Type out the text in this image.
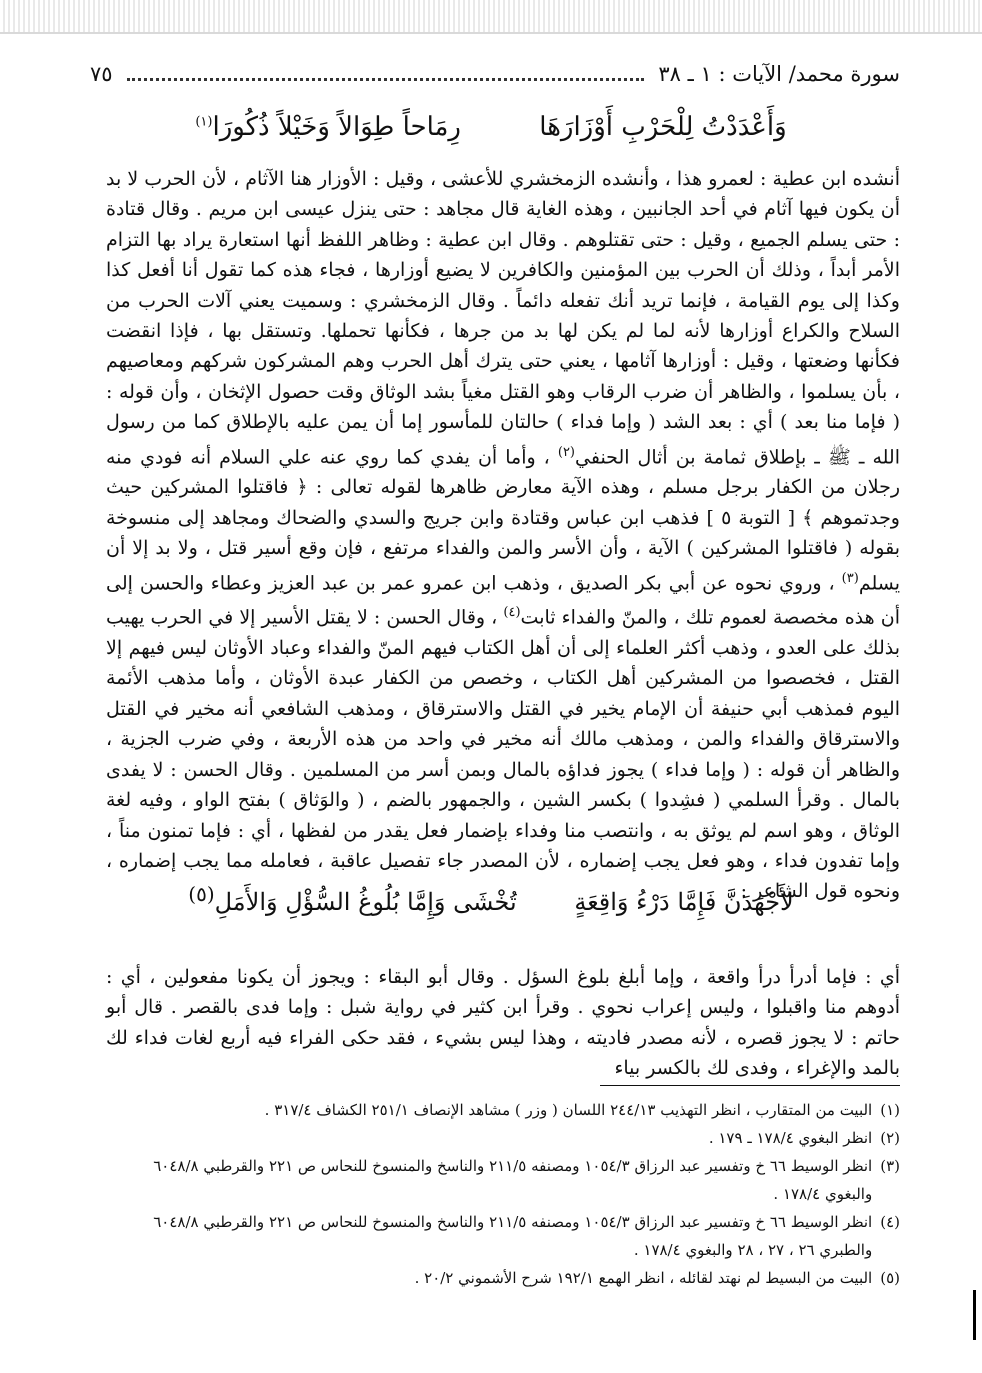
سورة محمد/ الآيات : ١ ـ ٣٨
٧٥
وَأَعْدَدْتُ لِلْحَرْبِ أَوْزَارَهَا رِمَاحاً طِوَالاً وَخَيْلاً ذُكُورَا$^{(١)}$

أنشده ابن عطية : لعمرو هذا ، وأنشده الزمخشري للأعشى ، وقيل : الأوزار هنا الآثام ، لأن الحرب لا بد أن يكون فيها آثام في أحد الجانبين ، وهذه الغاية قال مجاهد : حتى ينزل عيسى ابن مريم . وقال قتادة : حتى يسلم الجميع ، وقيل : حتى تقتلوهم . وقال ابن عطية : وظاهر اللفظ أنها استعارة يراد بها التزام الأمر أبداً ، وذلك أن الحرب بين المؤمنين والكافرين لا يضيع أوزارها ، فجاء هذه كما تقول أنا أفعل كذا وكذا إلى يوم القيامة ، فإنما تريد أنك تفعله دائماً . وقال الزمخشري : وسميت يعني آلات الحرب من السلاح والكراع أوزارها لأنه لما لم يكن لها بد من جرها ، فكأنها تحملها. وتستقل بها ، فإذا انقضت فكأنها وضعتها ، وقيل : أوزارها آثامها ، يعني حتى يترك أهل الحرب وهم المشركون شركهم ومعاصيهم ، بأن يسلموا ، والظاهر أن ضرب الرقاب وهو القتل مغياً بشد الوثاق وقت حصول الإثخان ، وأن قوله : ( فإما منا بعد ) أي : بعد الشد ( وإما فداء ) حالتان للمأسور إما أن يمن عليه بالإطلاق كما من رسول الله ـ ﷺ ـ بإطلاق ثمامة بن أثال الحنفي$^{(٢)}$ ، وأما أن يفدي كما روي عنه علي السلام أنه فودي منه رجلان من الكفار برجل مسلم ، وهذه الآية معارض ظاهرها لقوله تعالى : ﴿ فاقتلوا المشركين حيث وجدتموهم ﴾ [ التوبة ٥ ] فذهب ابن عباس وقتادة وابن جريج والسدي والضحاك ومجاهد إلى منسوخة بقوله ( فاقتلوا المشركين ) الآية ، وأن الأسر والمن والفداء مرتفع ، فإن وقع أسير قتل ، ولا بد إلا أن يسلم$^{(٣)}$ ، وروي نحوه عن أبي بكر الصديق ، وذهب ابن عمرو عمر بن عبد العزيز وعطاء والحسن إلى أن هذه مخصصة لعموم تلك ، والمنّ والفداء ثابت$^{(٤)}$ ، وقال الحسن : لا يقتل الأسير إلا في الحرب يهيب بذلك على العدو ، وذهب أكثر العلماء إلى أن أهل الكتاب فيهم المنّ والفداء وعباد الأوثان ليس فيهم إلا القتل ، فخصصوا من المشركين أهل الكتاب ، وخصص من الكفار عبدة الأوثان ، وأما مذهب الأئمة اليوم فمذهب أبي حنيفة أن الإمام يخير في القتل والاسترقاق ، ومذهب الشافعي أنه مخير في القتل والاسترقاق والفداء والمن ، ومذهب مالك أنه مخير في واحد من هذه الأربعة ، وفي ضرب الجزية ، والظاهر أن قوله : ( وإما فداء ) يجوز فداؤه بالمال وبمن أسر من المسلمين . وقال الحسن : لا يفدى بالمال . وقرأ السلمي ( فشِدوا ) بكسر الشين ، والجمهور بالضم ، ( والوَثاق ) بفتح الواو ، وفيه لغة الوثاق ، وهو اسم لم يوثق به ، وانتصب منا وفداء بإضمار فعل يقدر من لفظها ، أي : فإما تمنون مناً ، وإما تفدون فداء ، وهو فعل يجب إضماره ، لأن المصدر جاء تفصيل عاقبة ، فعامله مما يجب إضماره ، ونحوه قول الشاعر :

لأَجْهَدَنَّ فَإِمَّا دَرْءُ وَاقِعَةٍ تُخْشَى وَإِمَّا بُلُوغُ السُّؤْلِ وَالأَمَلِ$^{(٥)}$

أي : فإما أدرأ درأ واقعة ، وإما أبلغ بلوغ السؤل . وقال أبو البقاء : ويجوز أن يكونا مفعولين ، أي : أدوهم منا واقبلوا ، وليس إعراب نحوي . وقرأ ابن كثير في رواية شبل : وإما فدى بالقصر . قال أبو حاتم : لا يجوز قصره ، لأنه مصدر فاديته ، وهذا ليس بشيء ، فقد حكى الفراء فيه أربع لغات فداء لك بالمد والإغراء ، وفدى لك بالكسر بياء

(١)
البيت من المتقارب ، انظر التهذيب ٢٤٤/١٣ اللسان ( وزر ) مشاهد الإنصاف ٢٥١/١ الكشاف ٣١٧/٤ .
(٢)
انظر البغوي ١٧٨/٤ ـ ١٧٩ .
(٣)
انظر الوسيط ٦٦ خ وتفسير عبد الرزاق ١٠٥٤/٣ ومصنفه ٢١١/٥ والناسخ والمنسوخ للنحاس ص ٢٢١ والقرطبي ٦٠٤٨/٨ والبغوي ١٧٨/٤ .
(٤)
انظر الوسيط ٦٦ خ وتفسير عبد الرزاق ١٠٥٤/٣ ومصنفه ٢١١/٥ والناسخ والمنسوخ للنحاس ص ٢٢١ والقرطبي ٦٠٤٨/٨ والطبري ٢٦ ، ٢٧ ، ٢٨ والبغوي ١٧٨/٤ .
(٥)
البيت من البسيط لم نهتد لقائله ، انظر الهمع ١٩٢/١ شرح الأشموني ٢٠/٢ .
